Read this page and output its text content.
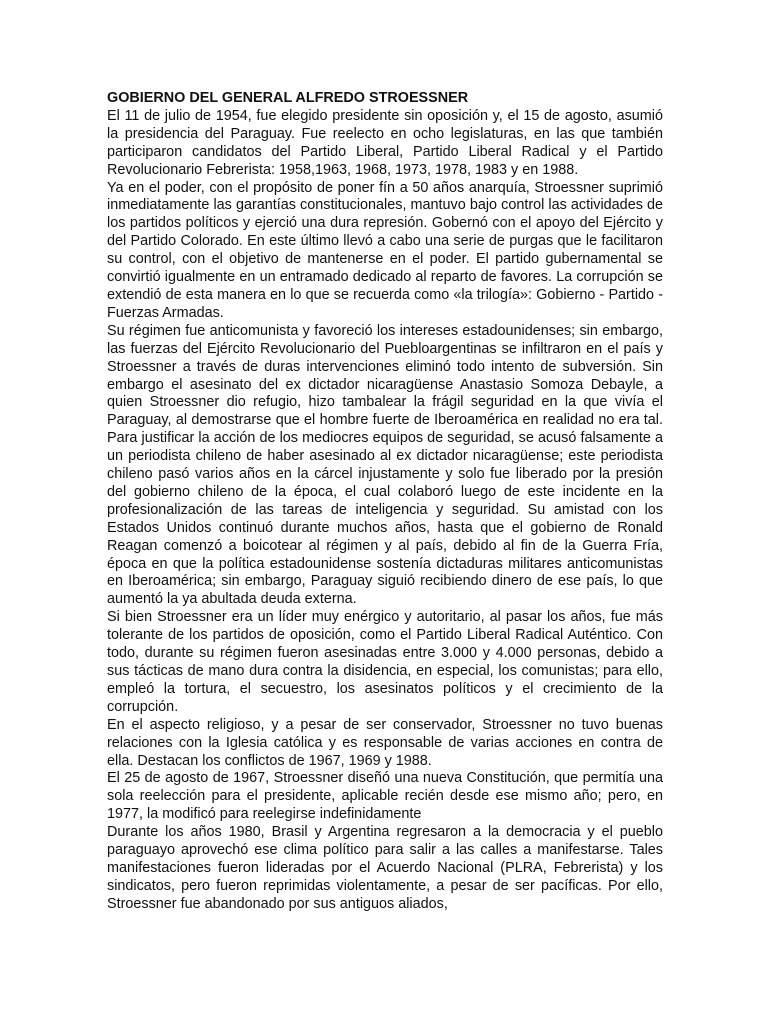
GOBIERNO DEL GENERAL ALFREDO STROESSNER

El 11 de julio de 1954, fue elegido presidente sin oposición y, el 15 de agosto, asumió la presidencia del Paraguay. Fue reelecto en ocho legislaturas, en las que también participaron candidatos del Partido Liberal, Partido Liberal Radical y el Partido Revolucionario Febrerista: 1958,1963, 1968, 1973, 1978, 1983 y en 1988.

Ya en el poder, con el propósito de poner fín a 50 años anarquía, Stroessner suprimió inmediatamente las garantías constitucionales, mantuvo bajo control las actividades de los partidos políticos y ejerció una dura represión. Gobernó con el apoyo del Ejército y del Partido Colorado. En este último llevó a cabo una serie de purgas que le facilitaron su control, con el objetivo de mantenerse en el poder. El partido gubernamental se convirtió igualmente en un entramado dedicado al reparto de favores. La corrupción se extendió de esta manera en lo que se recuerda como «la trilogía»: Gobierno - Partido - Fuerzas Armadas.

Su régimen fue anticomunista y favoreció los intereses estadounidenses; sin embargo, las fuerzas del Ejército Revolucionario del Puebloargentinas se infiltraron en el país y Stroessner a través de duras intervenciones eliminó todo intento de subversión. Sin embargo el asesinato del ex dictador nicaragüense Anastasio Somoza Debayle, a quien Stroessner dio refugio, hizo tambalear la frágil seguridad en la que vivía el Paraguay, al demostrarse que el hombre fuerte de Iberoamérica en realidad no era tal. Para justificar la acción de los mediocres equipos de seguridad, se acusó falsamente a un periodista chileno de haber asesinado al ex dictador nicaragüense; este periodista chileno pasó varios años en la cárcel injustamente y solo fue liberado por la presión del gobierno chileno de la época, el cual colaboró luego de este incidente en la profesionalización de las tareas de inteligencia y seguridad. Su amistad con los Estados Unidos continuó durante muchos años, hasta que el gobierno de Ronald Reagan comenzó a boicotear al régimen y al país, debido al fin de la Guerra Fría, época en que la política estadounidense sostenía dictaduras militares anticomunistas en Iberoamérica; sin embargo, Paraguay siguió recibiendo dinero de ese país, lo que aumentó la ya abultada deuda externa.

Si bien Stroessner era un líder muy enérgico y autoritario, al pasar los años, fue más tolerante de los partidos de oposición, como el Partido Liberal Radical Auténtico. Con todo, durante su régimen fueron asesinadas entre 3.000 y 4.000 personas, debido a sus tácticas de mano dura contra la disidencia, en especial, los comunistas; para ello, empleó la tortura, el secuestro, los asesinatos políticos y el crecimiento de la corrupción.

En el aspecto religioso, y a pesar de ser conservador, Stroessner no tuvo buenas relaciones con la Iglesia católica y es responsable de varias acciones en contra de ella. Destacan los conflictos de 1967, 1969 y 1988.

El 25 de agosto de 1967, Stroessner diseñó una nueva Constitución, que permitía una sola reelección para el presidente, aplicable recién desde ese mismo año; pero, en 1977, la modificó para reelegirse indefinidamente

Durante los años 1980, Brasil y Argentina regresaron a la democracia y el pueblo paraguayo aprovechó ese clima político para salir a las calles a manifestarse. Tales manifestaciones fueron lideradas por el Acuerdo Nacional (PLRA, Febrerista) y los sindicatos, pero fueron reprimidas violentamente, a pesar de ser pacíficas. Por ello, Stroessner fue abandonado por sus antiguos aliados,
